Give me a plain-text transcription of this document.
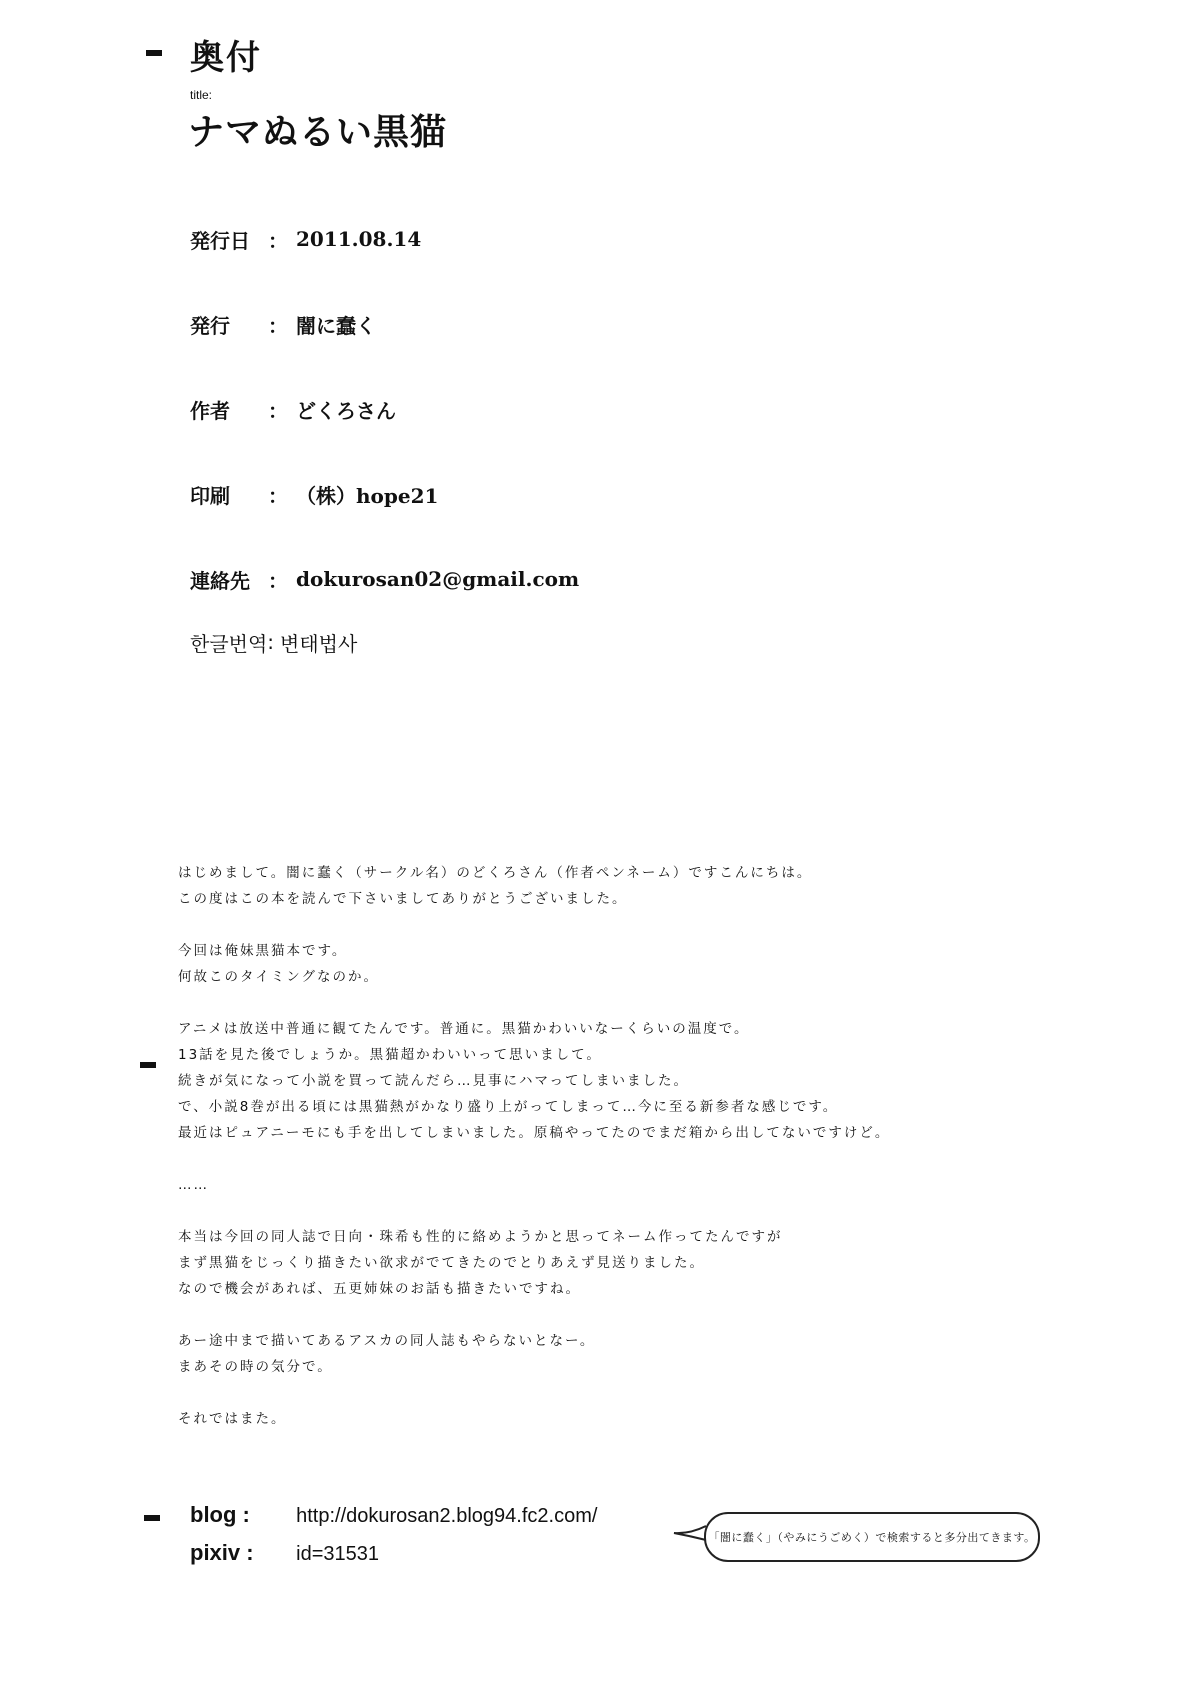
奥付
title:
ナマぬるい黒猫
発行日 ： 2011.08.14
発行	： 闇に蠢く
作者	： どくろさん
印刷	： （株）hope21
連絡先 ： dokurosan02@gmail.com
한글번역 : 변태법사
はじめまして。闇に蠢く（サークル名）のどくろさん（作者ペンネーム）ですこんにちは。
この度はこの本を読んで下さいましてありがとうございました。
今回は俺妹黒猫本です。
何故このタイミングなのか。
アニメは放送中普通に観てたんです。普通に。黒猫かわいいなーくらいの温度で。
13話を見た後でしょうか。黒猫超かわいいって思いまして。
続きが気になって小説を買って読んだら…見事にハマってしまいました。
で、小説8巻が出る頃には黒猫熱がかなり盛り上がってしまって…今に至る新参者な感じです。
最近はピュアニーモにも手を出してしまいました。原稿やってたのでまだ箱から出してないですけど。
……
本当は今回の同人誌で日向・珠希も性的に絡めようかと思ってネーム作ってたんですが
まず黒猫をじっくり描きたい欲求がでてきたのでとりあえず見送りました。
なので機会があれば、五更姉妹のお話も描きたいですね。
あー途中まで描いてあるアスカの同人誌もやらないとなー。
まあその時の気分で。
それではまた。
blog : http://dokurosan2.blog94.fc2.com/
pixiv : id=31531
「闇に蠢く」（やみにうごめく）で検索すると多分出てきます。
